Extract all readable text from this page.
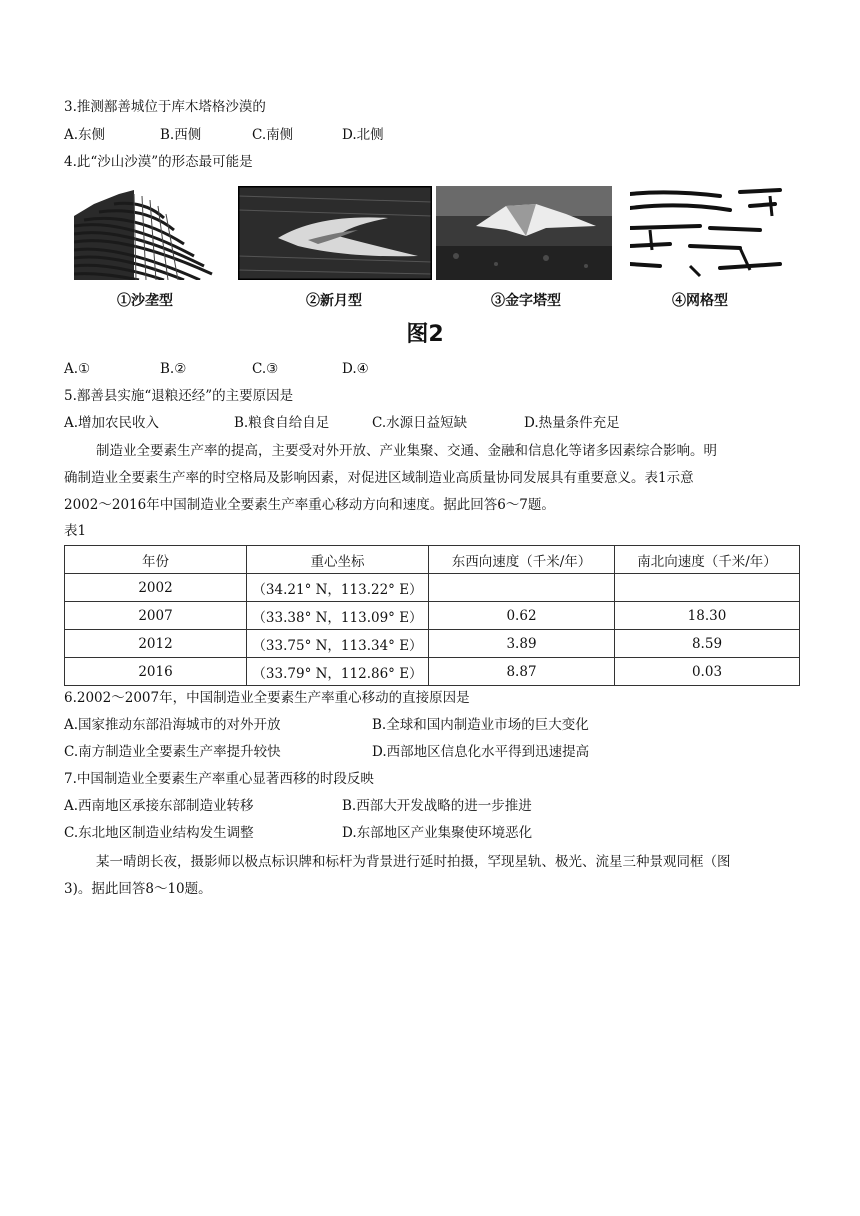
3.推测鄯善城位于库木塔格沙漠的
A.东侧	B.西侧	C.南侧	D.北侧
4.此“沙山沙漠”的形态最可能是
①沙垄型	②新月型	③金字塔型	④网格型
图2
A.①	B.②	C.③	D.④
5.鄯善县实施“退粮还经”的主要原因是
A.增加农民收入	B.粮食自给自足	C.水源日益短缺	D.热量条件充足
制造业全要素生产率的提高，主要受对外开放、产业集聚、交通、金融和信息化等诸多因素综合影响。明
确制造业全要素生产率的时空格局及影响因素，对促进区域制造业高质量协同发展具有重要意义。表1示意
2002～2016年中国制造业全要素生产率重心移动方向和速度。据此回答6～7题。
表1
年份	重心坐标	东西向速度（千米/年）	南北向速度（千米/年）
2002	（34.21° N，113.22° E）		
2007	（33.38° N，113.09° E）	0.62	18.30
2012	（33.75° N，113.34° E）	3.89	8.59
2016	（33.79° N，112.86° E）	8.87	0.03
6.2002～2007年，中国制造业全要素生产率重心移动的直接原因是
A.国家推动东部沿海城市的对外开放	B.全球和国内制造业市场的巨大变化
C.南方制造业全要素生产率提升较快	D.西部地区信息化水平得到迅速提高
7.中国制造业全要素生产率重心显著西移的时段反映
A.西南地区承接东部制造业转移	B.西部大开发战略的进一步推进
C.东北地区制造业结构发生调整	D.东部地区产业集聚使环境恶化
某一晴朗长夜，摄影师以极点标识牌和标杆为背景进行延时拍摄，罕现星轨、极光、流星三种景观同框（图
3)。据此回答8～10题。
